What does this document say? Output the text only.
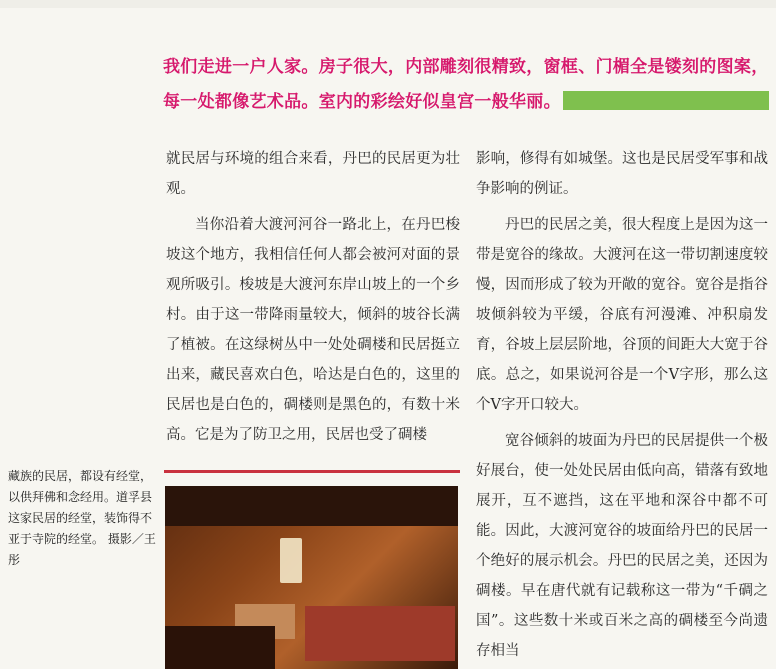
我们走进一户人家。房子很大，内部雕刻很精致，窗框、门楣全是镂刻的图案，
每一处都像艺术品。室内的彩绘好似皇宫一般华丽。

就民居与环境的组合来看，丹巴的民居更为壮观。

当你沿着大渡河河谷一路北上，在丹巴梭坡这个地方，我相信任何人都会被河对面的景观所吸引。梭坡是大渡河东岸山坡上的一个乡村。由于这一带降雨量较大，倾斜的坡谷长满了植被。在这绿树丛中一处处碉楼和民居挺立出来，藏民喜欢白色，哈达是白色的，这里的民居也是白色的，碉楼则是黑色的，有数十米高。它是为了防卫之用，民居也受了碉楼

影响，修得有如城堡。这也是民居受军事和战争影响的例证。

丹巴的民居之美，很大程度上是因为这一带是宽谷的缘故。大渡河在这一带切割速度较慢，因而形成了较为开敞的宽谷。宽谷是指谷坡倾斜较为平缓，谷底有河漫滩、冲积扇发育，谷坡上层层阶地，谷顶的间距大大宽于谷底。总之，如果说河谷是一个V字形，那么这个V字开口较大。

宽谷倾斜的坡面为丹巴的民居提供一个极好展台，使一处处民居由低向高，错落有致地展开，互不遮挡，这在平地和深谷中都不可能。因此，大渡河宽谷的坡面给丹巴的民居一个绝好的展示机会。丹巴的民居之美，还因为碉楼。早在唐代就有记载称这一带为“千碉之国”。这些数十米或百米之高的碉楼至今尚遗存相当

藏族的民居，都设有经堂，以供拜佛和念经用。道孚县这家民居的经堂，装饰得不亚于寺院的经堂。 摄影／王 彤
